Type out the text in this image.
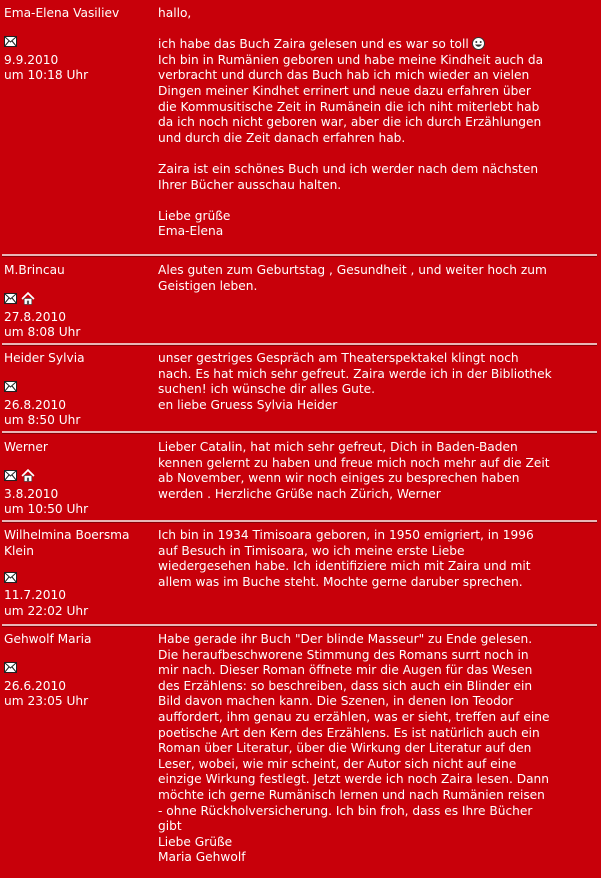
Ema-Elena Vasiliev
9.9.2010
um 10:18 Uhr

hallo,

ich habe das Buch Zaira gelesen und es war so toll

Ich bin in Rumänien geboren und habe meine Kindheit auch da

verbracht und durch das Buch hab ich mich wieder an vielen

Dingen meiner Kindhet errinert und neue dazu erfahren über

die Kommusitische Zeit in Rumänein die ich niht miterlebt hab

da ich noch nicht geboren war, aber die ich durch Erzählungen

und durch die Zeit danach erfahren hab.

Zaira ist ein schönes Buch und ich werder nach dem nächsten

Ihrer Bücher ausschau halten.

Liebe grüße

Ema-Elena

M.Brincau
27.8.2010
um 8:08 Uhr

Ales guten zum Geburtstag , Gesundheit , und weiter hoch zum

Geistigen leben.

Heider Sylvia
26.8.2010
um 8:50 Uhr

unser gestriges Gespräch am Theaterspektakel klingt noch

nach. Es hat mich sehr gefreut. Zaira werde ich in der Bibliothek

suchen! ich wünsche dir alles Gute.

en liebe Gruess Sylvia Heider

Werner
3.8.2010
um 10:50 Uhr

Lieber Catalin, hat mich sehr gefreut, Dich in Baden-Baden

kennen gelernt zu haben und freue mich noch mehr auf die Zeit

ab November, wenn wir noch einiges zu besprechen haben

werden . Herzliche Grüße nach Zürich, Werner

Wilhelmina Boersma Klein
11.7.2010
um 22:02 Uhr

Ich bin in 1934 Timisoara geboren, in 1950 emigriert, in 1996

auf Besuch in Timisoara, wo ich meine erste Liebe

wiedergesehen habe. Ich identifiziere mich mit Zaira und mit

allem was im Buche steht. Mochte gerne daruber sprechen.

Gehwolf Maria
26.6.2010
um 23:05 Uhr

Habe gerade ihr Buch "Der blinde Masseur" zu Ende gelesen.

Die heraufbeschworene Stimmung des Romans surrt noch in

mir nach. Dieser Roman öffnete mir die Augen für das Wesen

des Erzählens: so beschreiben, dass sich auch ein Blinder ein

Bild davon machen kann. Die Szenen, in denen Ion Teodor

auffordert, ihm genau zu erzählen, was er sieht, treffen auf eine

poetische Art den Kern des Erzählens. Es ist natürlich auch ein

Roman über Literatur, über die Wirkung der Literatur auf den

Leser, wobei, wie mir scheint, der Autor sich nicht auf eine

einzige Wirkung festlegt. Jetzt werde ich noch Zaira lesen. Dann

möchte ich gerne Rumänisch lernen und nach Rumänien reisen

- ohne Rückholversicherung. Ich bin froh, dass es Ihre Bücher

gibt

Liebe Grüße

Maria Gehwolf
